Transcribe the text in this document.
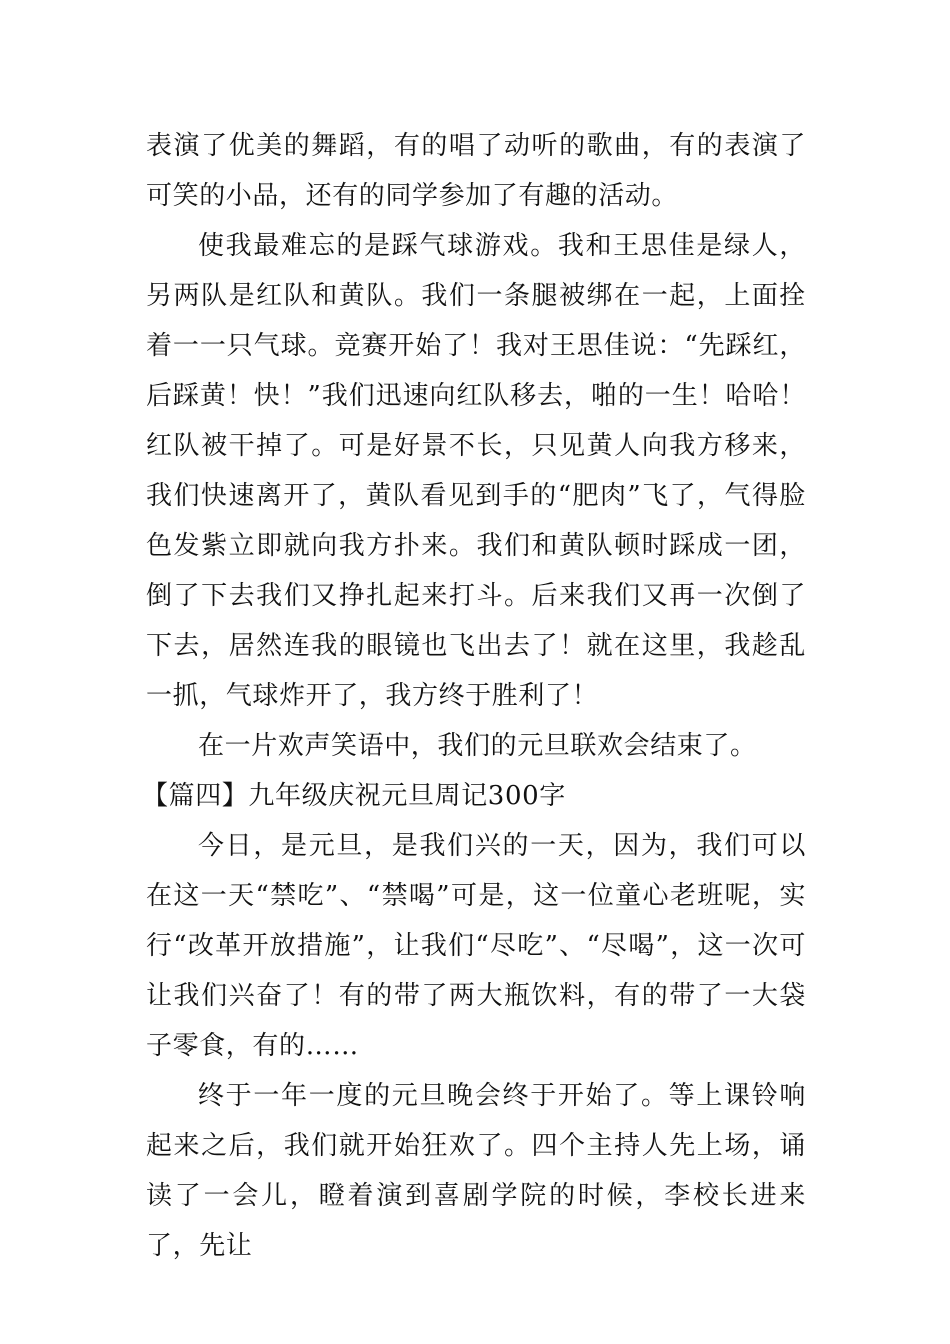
表演了优美的舞蹈，有的唱了动听的歌曲，有的表演了可笑的小品，还有的同学参加了有趣的活动。

使我最难忘的是踩气球游戏。我和王思佳是绿人，另两队是红队和黄队。我们一条腿被绑在一起，上面拴着一一只气球。竞赛开始了！我对王思佳说：“先踩红，后踩黄！快！”我们迅速向红队移去，啪的一生！哈哈！红队被干掉了。可是好景不长，只见黄人向我方移来，我们快速离开了，黄队看见到手的“肥肉”飞了，气得脸色发紫立即就向我方扑来。我们和黄队顿时踩成一团，倒了下去我们又挣扎起来打斗。后来我们又再一次倒了下去，居然连我的眼镜也飞出去了！就在这里，我趁乱一抓，气球炸开了，我方终于胜利了！

在一片欢声笑语中，我们的元旦联欢会结束了。

【篇四】九年级庆祝元旦周记300字

今日，是元旦，是我们兴的一天，因为，我们可以在这一天“禁吃”、“禁喝”可是，这一位童心老班呢，实行“改革开放措施”，让我们“尽吃”、“尽喝”，这一次可让我们兴奋了！有的带了两大瓶饮料，有的带了一大袋子零食，有的……

终于一年一度的元旦晚会终于开始了。等上课铃响起来之后，我们就开始狂欢了。四个主持人先上场，诵读了一会儿，瞪着演到喜剧学院的时候，李校长进来了，先让
